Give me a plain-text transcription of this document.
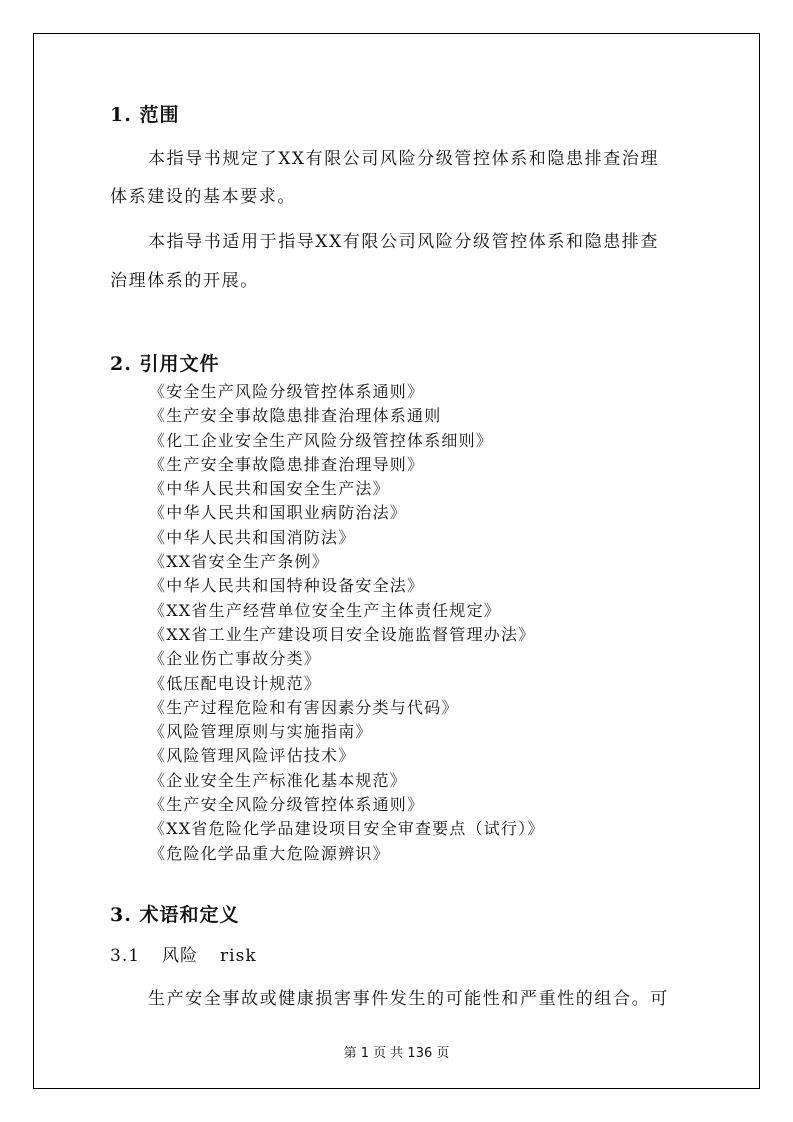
1. 范围
本指导书规定了XX有限公司风险分级管控体系和隐患排查治理
体系建设的基本要求。
本指导书适用于指导XX有限公司风险分级管控体系和隐患排查
治理体系的开展。
2. 引用文件
《安全生产风险分级管控体系通则》
《生产安全事故隐患排查治理体系通则
《化工企业安全生产风险分级管控体系细则》
《生产安全事故隐患排查治理导则》
《中华人民共和国安全生产法》
《中华人民共和国职业病防治法》
《中华人民共和国消防法》
《XX省安全生产条例》
《中华人民共和国特种设备安全法》
《XX省生产经营单位安全生产主体责任规定》
《XX省工业生产建设项目安全设施监督管理办法》
《企业伤亡事故分类》
《低压配电设计规范》
《生产过程危险和有害因素分类与代码》
《风险管理原则与实施指南》
《风险管理风险评估技术》
《企业安全生产标准化基本规范》
《生产安全风险分级管控体系通则》
《XX省危险化学品建设项目安全审查要点（试行）》
《危险化学品重大危险源辨识》
3. 术语和定义
3.1 风险 risk
生产安全事故或健康损害事件发生的可能性和严重性的组合。可
第 1 页 共 136 页
